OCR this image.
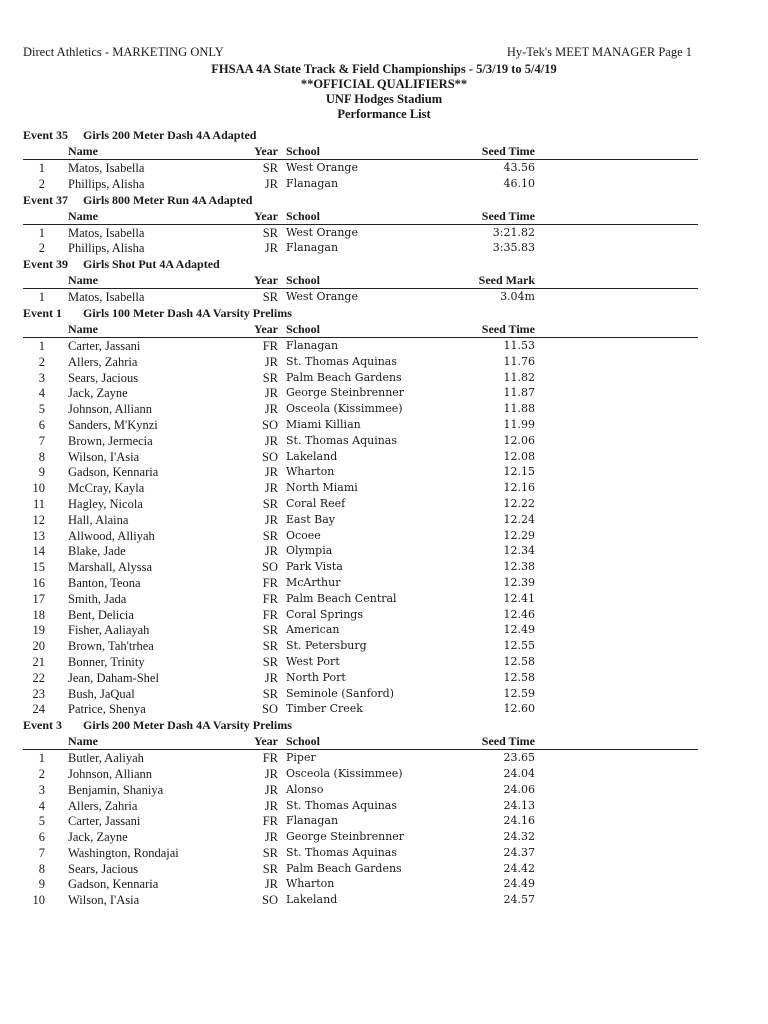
Direct Athletics - MARKETING ONLY	Hy-Tek's MEET MANAGER Page 1
FHSAA 4A State Track & Field Championships - 5/3/19 to 5/4/19
**OFFICIAL QUALIFIERS**
UNF Hodges Stadium
Performance List
Event 35 Girls 200 Meter Dash 4A Adapted
Name	Year School	Seed Time
1 Matos, Isabella	SR West Orange	43.56
2 Phillips, Alisha	JR Flanagan	46.10
Event 37 Girls 800 Meter Run 4A Adapted
Name	Year School	Seed Time
1 Matos, Isabella	SR West Orange	3:21.82
2 Phillips, Alisha	JR Flanagan	3:35.83
Event 39 Girls Shot Put 4A Adapted
Name	Year School	Seed Mark
1 Matos, Isabella	SR West Orange	3.04m
Event 1 Girls 100 Meter Dash 4A Varsity Prelims
Name	Year School	Seed Time
1 Carter, Jassani	FR Flanagan	11.53
2 Allers, Zahria	JR St. Thomas Aquinas	11.76
3 Sears, Jacious	SR Palm Beach Gardens	11.82
4 Jack, Zayne	JR George Steinbrenner	11.87
5 Johnson, Alliann	JR Osceola (Kissimmee)	11.88
6 Sanders, M'Kynzi	SO Miami Killian	11.99
7 Brown, Jermecia	JR St. Thomas Aquinas	12.06
8 Wilson, I'Asia	SO Lakeland	12.08
9 Gadson, Kennaria	JR Wharton	12.15
10 McCray, Kayla	JR North Miami	12.16
11 Hagley, Nicola	SR Coral Reef	12.22
12 Hall, Alaina	JR East Bay	12.24
13 Allwood, Alliyah	SR Ocoee	12.29
14 Blake, Jade	JR Olympia	12.34
15 Marshall, Alyssa	SO Park Vista	12.38
16 Banton, Teona	FR McArthur	12.39
17 Smith, Jada	FR Palm Beach Central	12.41
18 Bent, Delicia	FR Coral Springs	12.46
19 Fisher, Aaliayah	SR American	12.49
20 Brown, Tah'trhea	SR St. Petersburg	12.55
21 Bonner, Trinity	SR West Port	12.58
22 Jean, Daham-Shel	JR North Port	12.58
23 Bush, JaQual	SR Seminole (Sanford)	12.59
24 Patrice, Shenya	SO Timber Creek	12.60
Event 3 Girls 200 Meter Dash 4A Varsity Prelims
Name	Year School	Seed Time
1 Butler, Aaliyah	FR Piper	23.65
2 Johnson, Alliann	JR Osceola (Kissimmee)	24.04
3 Benjamin, Shaniya	JR Alonso	24.06
4 Allers, Zahria	JR St. Thomas Aquinas	24.13
5 Carter, Jassani	FR Flanagan	24.16
6 Jack, Zayne	JR George Steinbrenner	24.32
7 Washington, Rondajai	SR St. Thomas Aquinas	24.37
8 Sears, Jacious	SR Palm Beach Gardens	24.42
9 Gadson, Kennaria	JR Wharton	24.49
10 Wilson, I'Asia	SO Lakeland	24.57
